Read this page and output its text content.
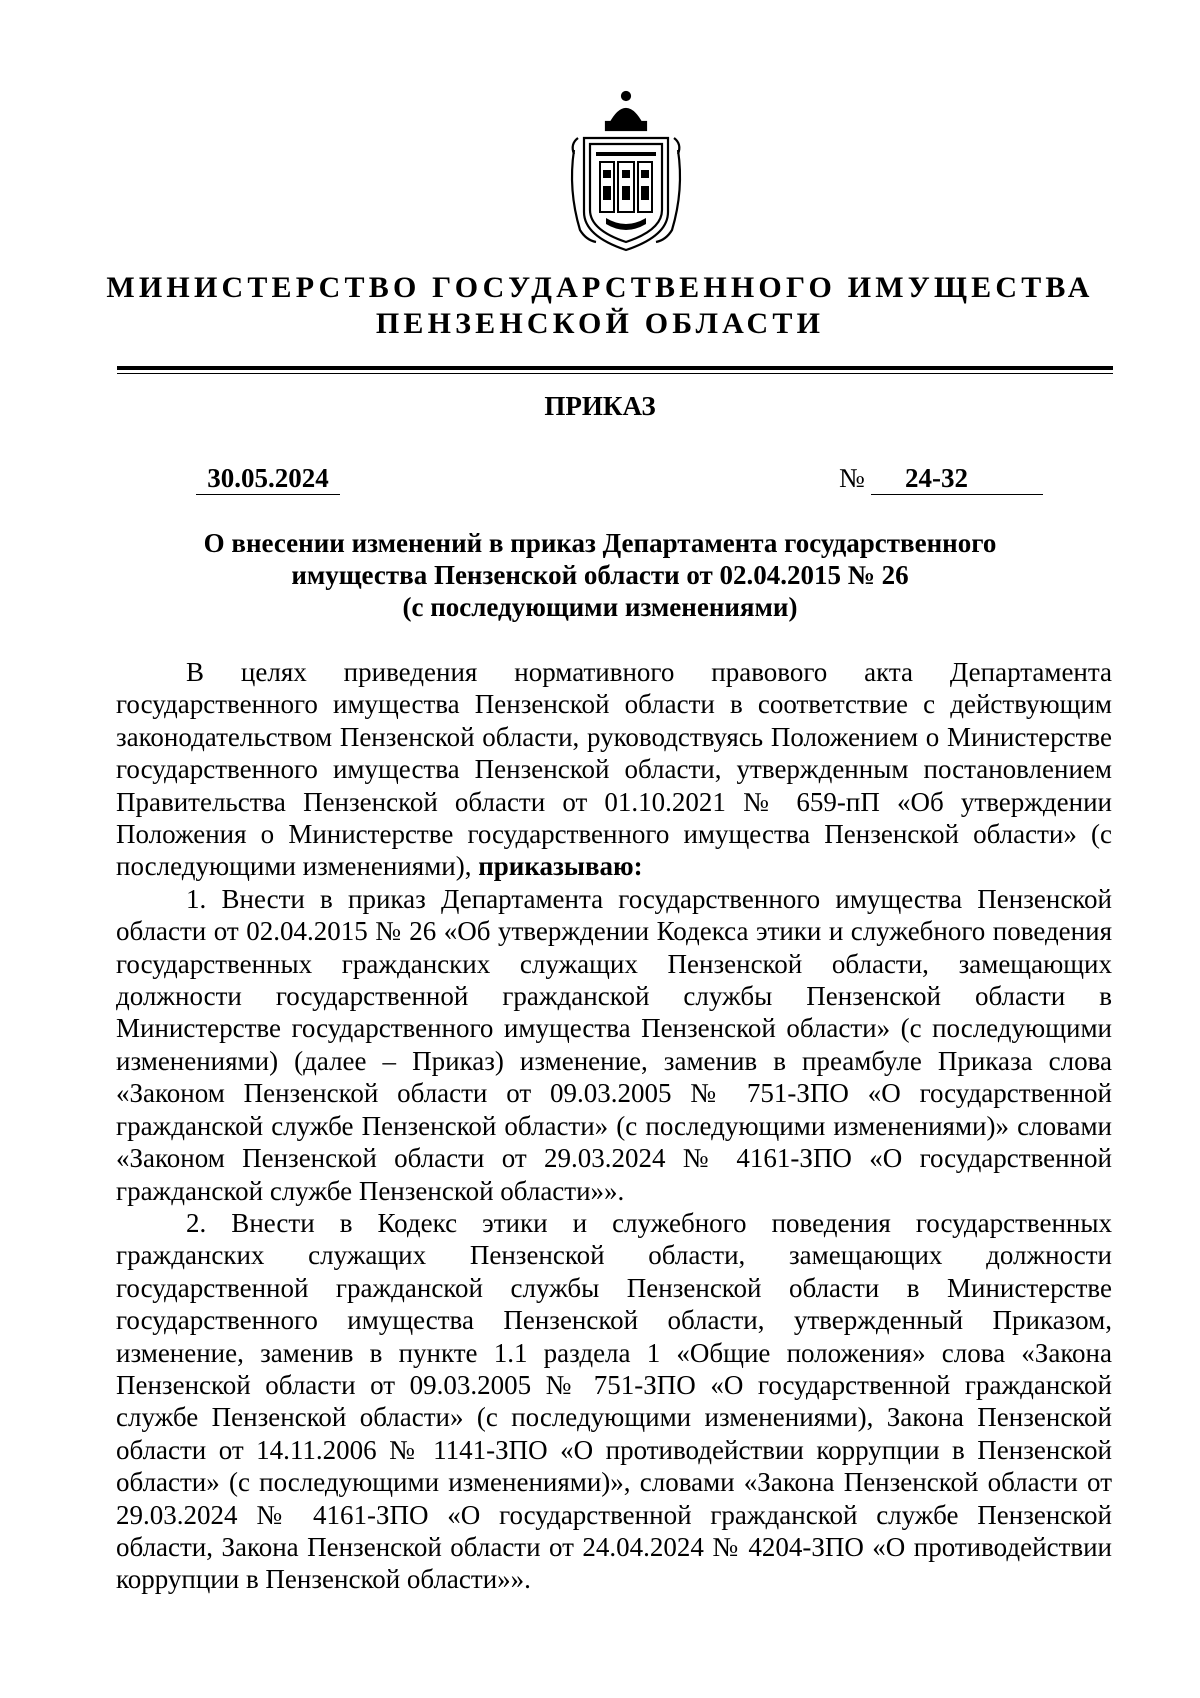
МИНИСТЕРСТВО ГОСУДАРСТВЕННОГО ИМУЩЕСТВА
ПЕНЗЕНСКОЙ ОБЛАСТИ
ПРИКАЗ
30.05.2024	№	24-32
О внесении изменений в приказ Департамента государственного
имущества Пензенской области от 02.04.2015 № 26
(с последующими изменениями)

В целях приведения нормативного правового акта Департамента государственного имущества Пензенской области в соответствие с действующим законодательством Пензенской области, руководствуясь Положением о Министерстве государственного имущества Пензенской области, утвержденным постановлением Правительства Пензенской области от 01.10.2021 № 659-пП «Об утверждении Положения о Министерстве государственного имущества Пензенской области» (с последующими изменениями), приказываю:

1. Внести в приказ Департамента государственного имущества Пензенской области от 02.04.2015 № 26 «Об утверждении Кодекса этики и служебного поведения государственных гражданских служащих Пензенской области, замещающих должности государственной гражданской службы Пензенской области в Министерстве государственного имущества Пензенской области» (с последующими изменениями) (далее – Приказ) изменение, заменив в преамбуле Приказа слова «Законом Пензенской области от 09.03.2005 № 751-ЗПО «О государственной гражданской службе Пензенской области» (с последующими изменениями)» словами «Законом Пензенской области от 29.03.2024 № 4161-ЗПО «О государственной гражданской службе Пензенской области»».

2. Внести в Кодекс этики и служебного поведения государственных гражданских служащих Пензенской области, замещающих должности государственной гражданской службы Пензенской области в Министерстве государственного имущества Пензенской области, утвержденный Приказом, изменение, заменив в пункте 1.1 раздела 1 «Общие положения» слова «Закона Пензенской области от 09.03.2005 № 751-ЗПО «О государственной гражданской службе Пензенской области» (с последующими изменениями), Закона Пензенской области от 14.11.2006 № 1141-ЗПО «О противодействии коррупции в Пензенской области» (с последующими изменениями)», словами «Закона Пензенской области от 29.03.2024 № 4161-ЗПО «О государственной гражданской службе Пензенской области, Закона Пензенской области от 24.04.2024 № 4204-ЗПО «О противодействии коррупции в Пензенской области»».
